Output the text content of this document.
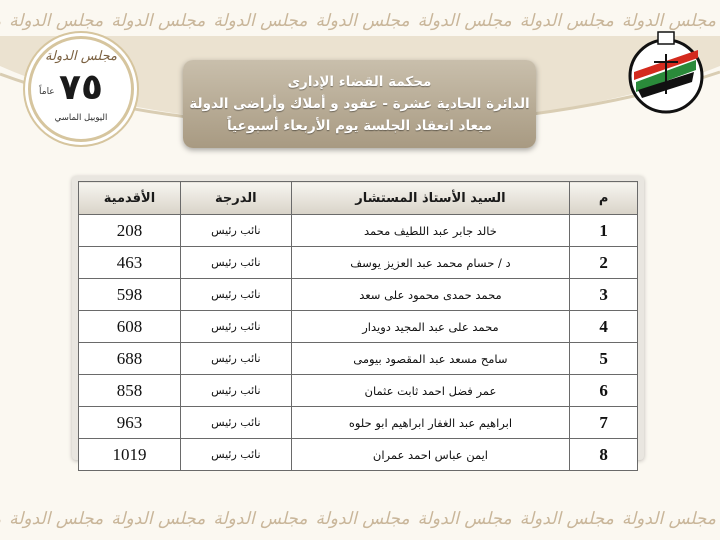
مجلس الدولة
مجلس الدولة
مجلس الدولة
مجلس الدولة
مجلس الدولة
مجلس الدولة
مجلس الدولة
مجلس الدولة
٧٥
عاماً
اليوبيل الماسي
محكمة القضاء الإدارى
الدائرة الحادية عشرة - عقود و أملاك وأراضى الدولة
ميعاد انعقاد الجلسة يوم الأربعاء أسبوعياً
م	السيد الأستاذ المستشار	الدرجة	الأقدمية
1	خالد جابر عبد اللطيف محمد	نائب رئيس	208
2	د / حسام محمد عبد العزيز يوسف	نائب رئيس	463
3	محمد حمدى محمود على سعد	نائب رئيس	598
4	محمد على عبد المجيد دويدار	نائب رئيس	608
5	سامح مسعد عبد المقصود بيومى	نائب رئيس	688
6	عمر فضل احمد ثابت عثمان	نائب رئيس	858
7	ابراهيم عبد الغفار ابراهيم ابو حلوه	نائب رئيس	963
8	ايمن عباس احمد عمران	نائب رئيس	1019
مجلس الدولة
مجلس الدولة
مجلس الدولة
مجلس الدولة
مجلس الدولة
مجلس الدولة
مجلس الدولة
